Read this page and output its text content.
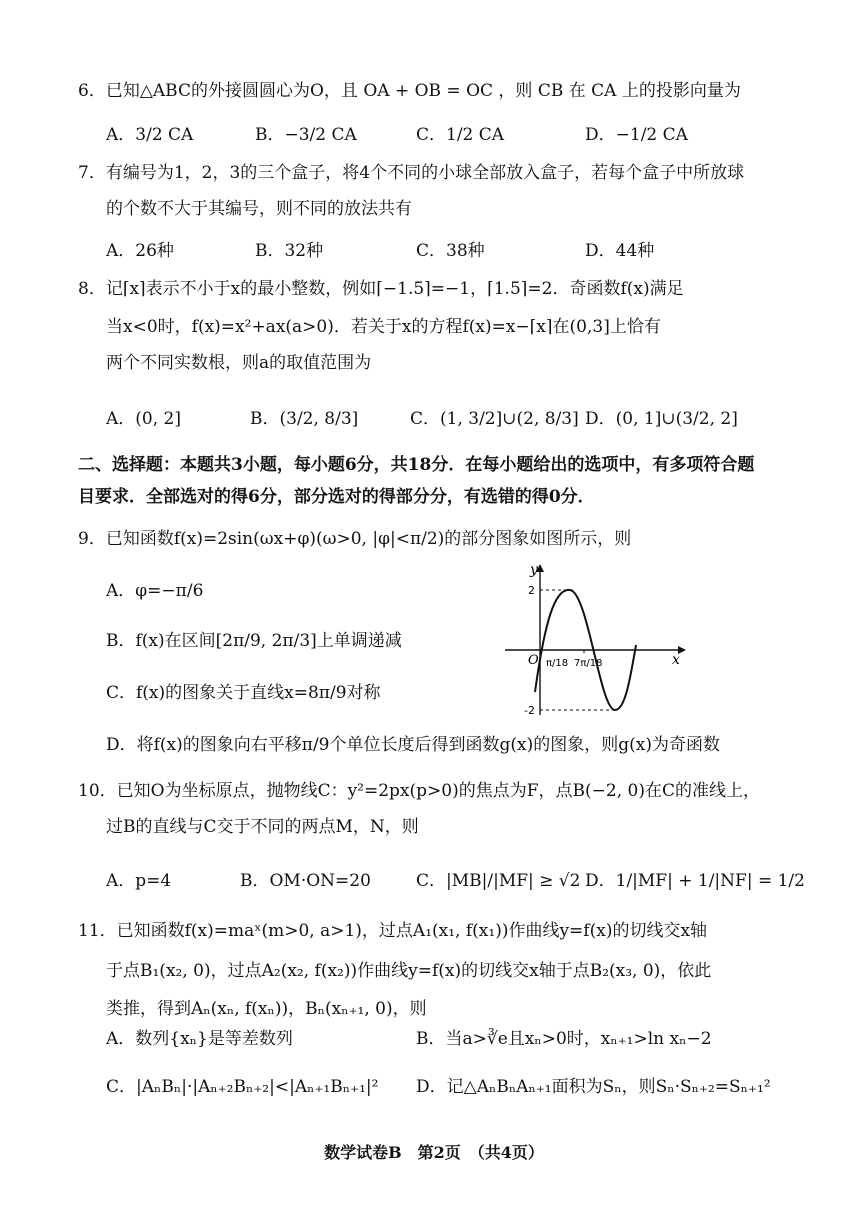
6．已知△ABC的外接圆圆心为O，且 OA + OB = OC ，则 CB 在 CA 上的投影向量为
A．3/2 CA	B．−3/2 CA	C．1/2 CA	D．−1/2 CA
7．有编号为1，2，3的三个盒子，将4个不同的小球全部放入盒子，若每个盒子中所放球
的个数不大于其编号，则不同的放法共有
A．26种	B．32种	C．38种	D．44种
8．记⌈x⌉表示不小于x的最小整数，例如⌈−1.5⌉=−1，⌈1.5⌉=2．奇函数f(x)满足
当x<0时，f(x)=x²+ax(a>0)．若关于x的方程f(x)=x−⌈x⌉在(0,3]上恰有
两个不同实数根，则a的取值范围为
A．(0, 2]	B．(3/2, 8/3]	C．(1, 3/2]∪(2, 8/3] D．(0, 1]∪(3/2, 2]
二、选择题：本题共3小题，每小题6分，共18分．在每小题给出的选项中，有多项符合题
目要求．全部选对的得6分，部分选对的得部分分，有选错的得0分．
9．已知函数f(x)=2sin(ωx+φ)(ω>0, |φ|<π/2)的部分图象如图所示，则
A．φ=−π/6
B．f(x)在区间[2π/9, 2π/3]上单调递减
C．f(x)的图象关于直线x=8π/9对称
D．将f(x)的图象向右平移π/9个单位长度后得到函数g(x)的图象，则g(x)为奇函数
y
x
O
2
-2
π/18 7π/18
10．已知O为坐标原点，抛物线C：y²=2px(p>0)的焦点为F，点B(−2, 0)在C的准线上，
过B的直线与C交于不同的两点M，N，则
A．p=4	B．OM·ON=20	C．|MB|/|MF| ≥ √2 D．1/|MF| + 1/|NF| = 1/2
11．已知函数f(x)=maˣ(m>0, a>1)，过点A₁(x₁, f(x₁))作曲线y=f(x)的切线交x轴
于点B₁(x₂, 0)，过点A₂(x₂, f(x₂))作曲线y=f(x)的切线交x轴于点B₂(x₃, 0)，依此
类推，得到Aₙ(xₙ, f(xₙ))，Bₙ(xₙ₊₁, 0)，则
A．数列{xₙ}是等差数列	B．当a>∛e且xₙ>0时，xₙ₊₁>ln xₙ−2
C．|AₙBₙ|·|Aₙ₊₂Bₙ₊₂|<|Aₙ₊₁Bₙ₊₁|² D．记△AₙBₙAₙ₊₁面积为Sₙ，则Sₙ·Sₙ₊₂=Sₙ₊₁²
数学试卷B　第2页　（共4页）
